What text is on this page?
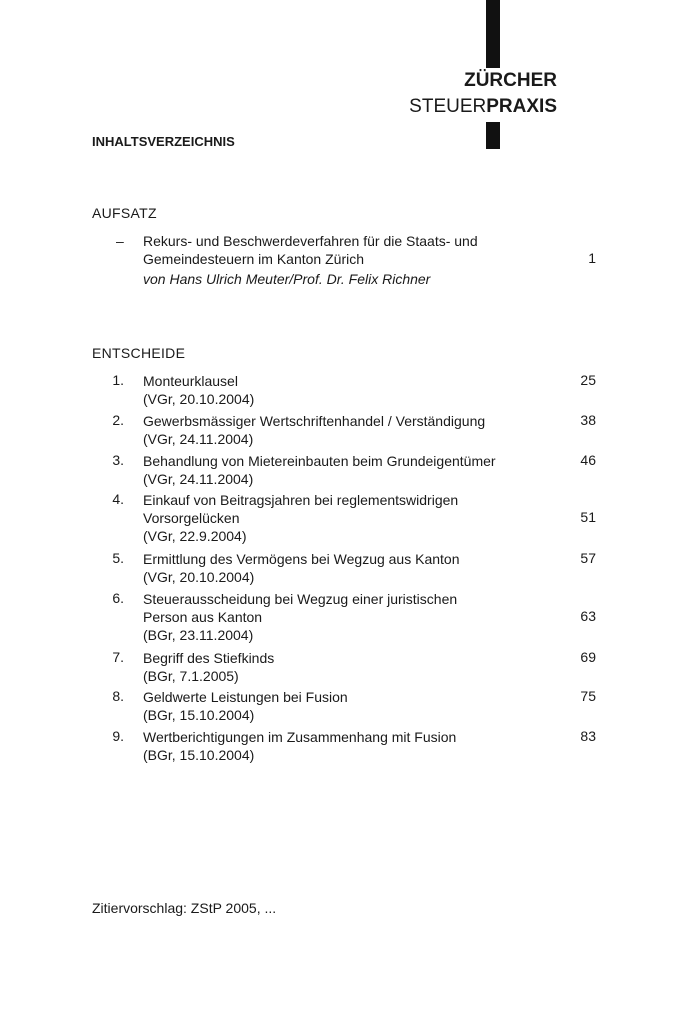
ZÜRCHER
STEUERPRAXIS
INHALTSVERZEICHNIS
AUFSATZ
– Rekurs- und Beschwerdeverfahren für die Staats- und
Gemeindesteuern im Kanton Zürich	1
von Hans Ulrich Meuter/Prof. Dr. Felix Richner
ENTSCHEIDE
1. Monteurklausel
(VGr, 20.10.2004)
25
2. Gewerbsmässiger Wertschriftenhandel / Verständigung
(VGr, 24.11.2004)
38
3. Behandlung von Mietereinbauten beim Grundeigentümer
(VGr, 24.11.2004)
46
4. Einkauf von Beitragsjahren bei reglementswidrigen
Vorsorgelücken
(VGr, 22.9.2004)
51
5. Ermittlung des Vermögens bei Wegzug aus Kanton
(VGr, 20.10.2004)
57
6. Steuerausscheidung bei Wegzug einer juristischen
Person aus Kanton
(BGr, 23.11.2004)
63
7. Begriff des Stiefkinds
(BGr, 7.1.2005)
69
8. Geldwerte Leistungen bei Fusion
(BGr, 15.10.2004)
75
9. Wertberichtigungen im Zusammenhang mit Fusion
(BGr, 15.10.2004)
83
Zitiervorschlag: ZStP 2005, ...
